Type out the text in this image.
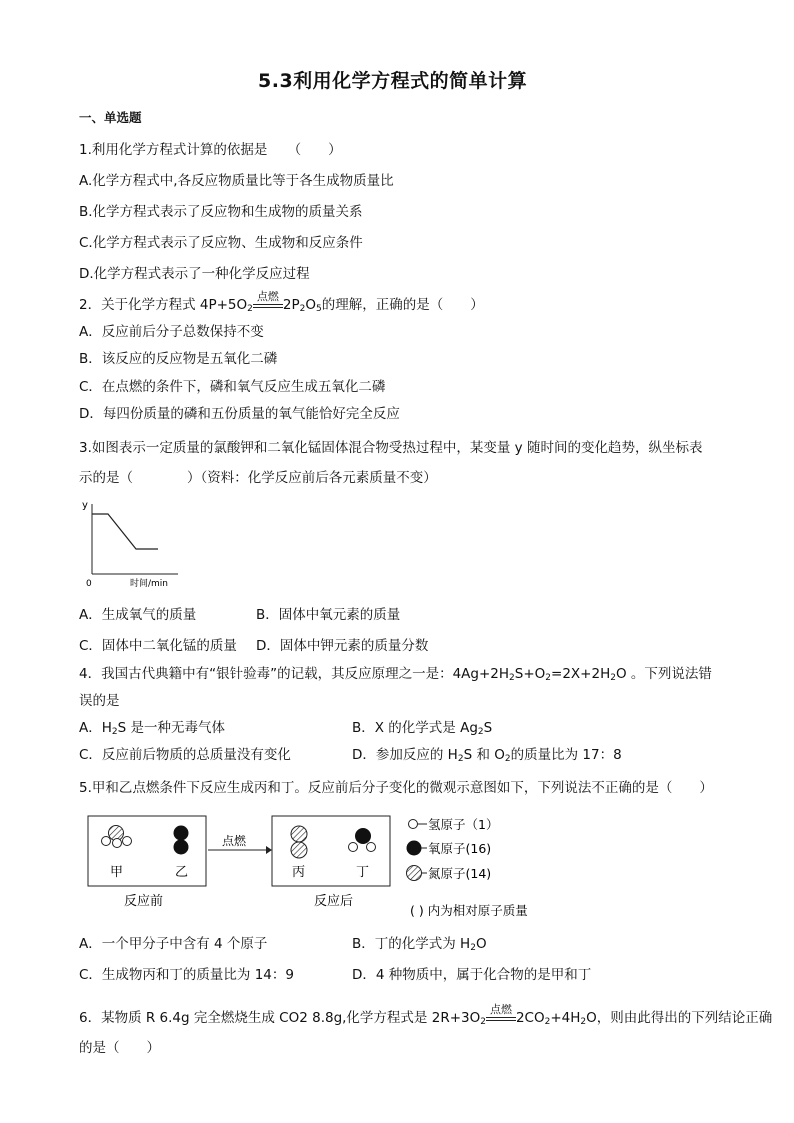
5.3利用化学方程式的简单计算
一、单选题
1.利用化学方程式计算的依据是　　（　　）
A.化学方程式中,各反应物质量比等于各生成物质量比
B.化学方程式表示了反应物和生成物的质量关系
C.化学方程式表示了反应物、生成物和反应条件
D.化学方程式表示了一种化学反应过程
2．关于化学方程式 $4P+5O_2$
点燃
$2P_2O_5$的理解，正确的是（　　）
A．反应前后分子总数保持不变
B．该反应的反应物是五氧化二磷
C．在点燃的条件下，磷和氧气反应生成五氧化二磷
D．每四份质量的磷和五份质量的氧气能恰好完全反应
3.如图表示一定质量的氯酸钾和二氧化锰固体混合物受热过程中，某变量 y 随时间的变化趋势，纵坐标表
示的是（　　　　）（资料：化学反应前后各元素质量不变）
y
0	时间/min
A．生成氧气的质量	B．固体中氧元素的质量
C．固体中二氧化锰的质量 D．固体中钾元素的质量分数
4．我国古代典籍中有“银针验毒”的记载，其反应原理之一是：$4Ag+2H_2S+O_2=2X+2H_2O$ 。下列说法错
误的是
A．$H_2S$ 是一种无毒气体	B．X 的化学式是 $Ag_2S$
C．反应前后物质的总质量没有变化	D．参加反应的 $H_2S$ 和 $O_2$的质量比为 17：8
5.甲和乙点燃条件下反应生成丙和丁。反应前后分子变化的微观示意图如下，下列说法不正确的是（　　）
甲	乙
点燃
丙	丁
反应前	反应后
氢原子（1）
氧原子(16)
氮原子(14)
( ) 内为相对原子质量
A．一个甲分子中含有 4 个原子	B．丁的化学式为 $H_2O$
C．生成物丙和丁的质量比为 14：9	D．4 种物质中，属于化合物的是甲和丁
6．某物质 R 6.4g 完全燃烧生成 CO2 8.8g,化学方程式是 $2R+3O_2$
点燃
$2CO_2+4H_2O$，则由此得出的下列结论正确
的是（　　）
